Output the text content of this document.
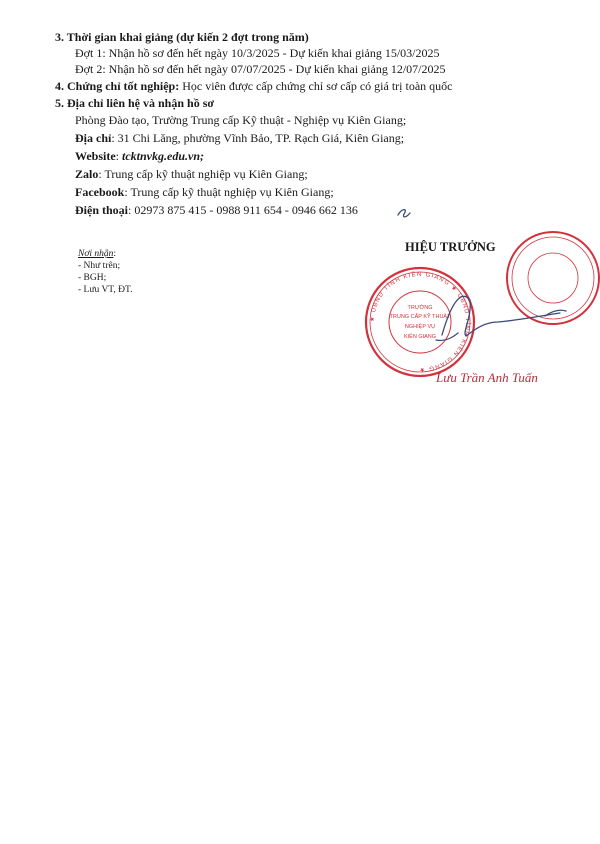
3. Thời gian khai giảng (dự kiến 2 đợt trong năm)
Đợt 1: Nhận hồ sơ đến hết ngày 10/3/2025 - Dự kiến khai giảng 15/03/2025
Đợt 2: Nhận hồ sơ đến hết ngày 07/07/2025 - Dự kiến khai giảng 12/07/2025
4. Chứng chỉ tốt nghiệp: Học viên được cấp chứng chỉ sơ cấp có giá trị toàn quốc
5. Địa chỉ liên hệ và nhận hồ sơ
Phòng Đào tạo, Trường Trung cấp Kỹ thuật - Nghiệp vụ Kiên Giang;
Địa chỉ: 31 Chi Lăng, phường Vĩnh Bảo, TP. Rạch Giá, Kiên Giang;
Website: tcktnvkg.edu.vn;
Zalo: Trung cấp kỹ thuật nghiệp vụ Kiên Giang;
Facebook: Trung cấp kỹ thuật nghiệp vụ Kiên Giang;
Điện thoại: 02973 875 415 - 0988 911 654 - 0946 662 136
Nơi nhận:
- Như trên;
- BGH;
- Lưu VT, ĐT.
HIỆU TRƯỞNG
★ UBND TỈNH KIÊN GIANG ★ UBND TỈNH KIÊN GIANG ★
TRƯỜNG
TRUNG CẤP KỸ THUẬT
NGHIỆP VỤ
KIÊN GIANG
Lưu Trần Anh Tuấn
